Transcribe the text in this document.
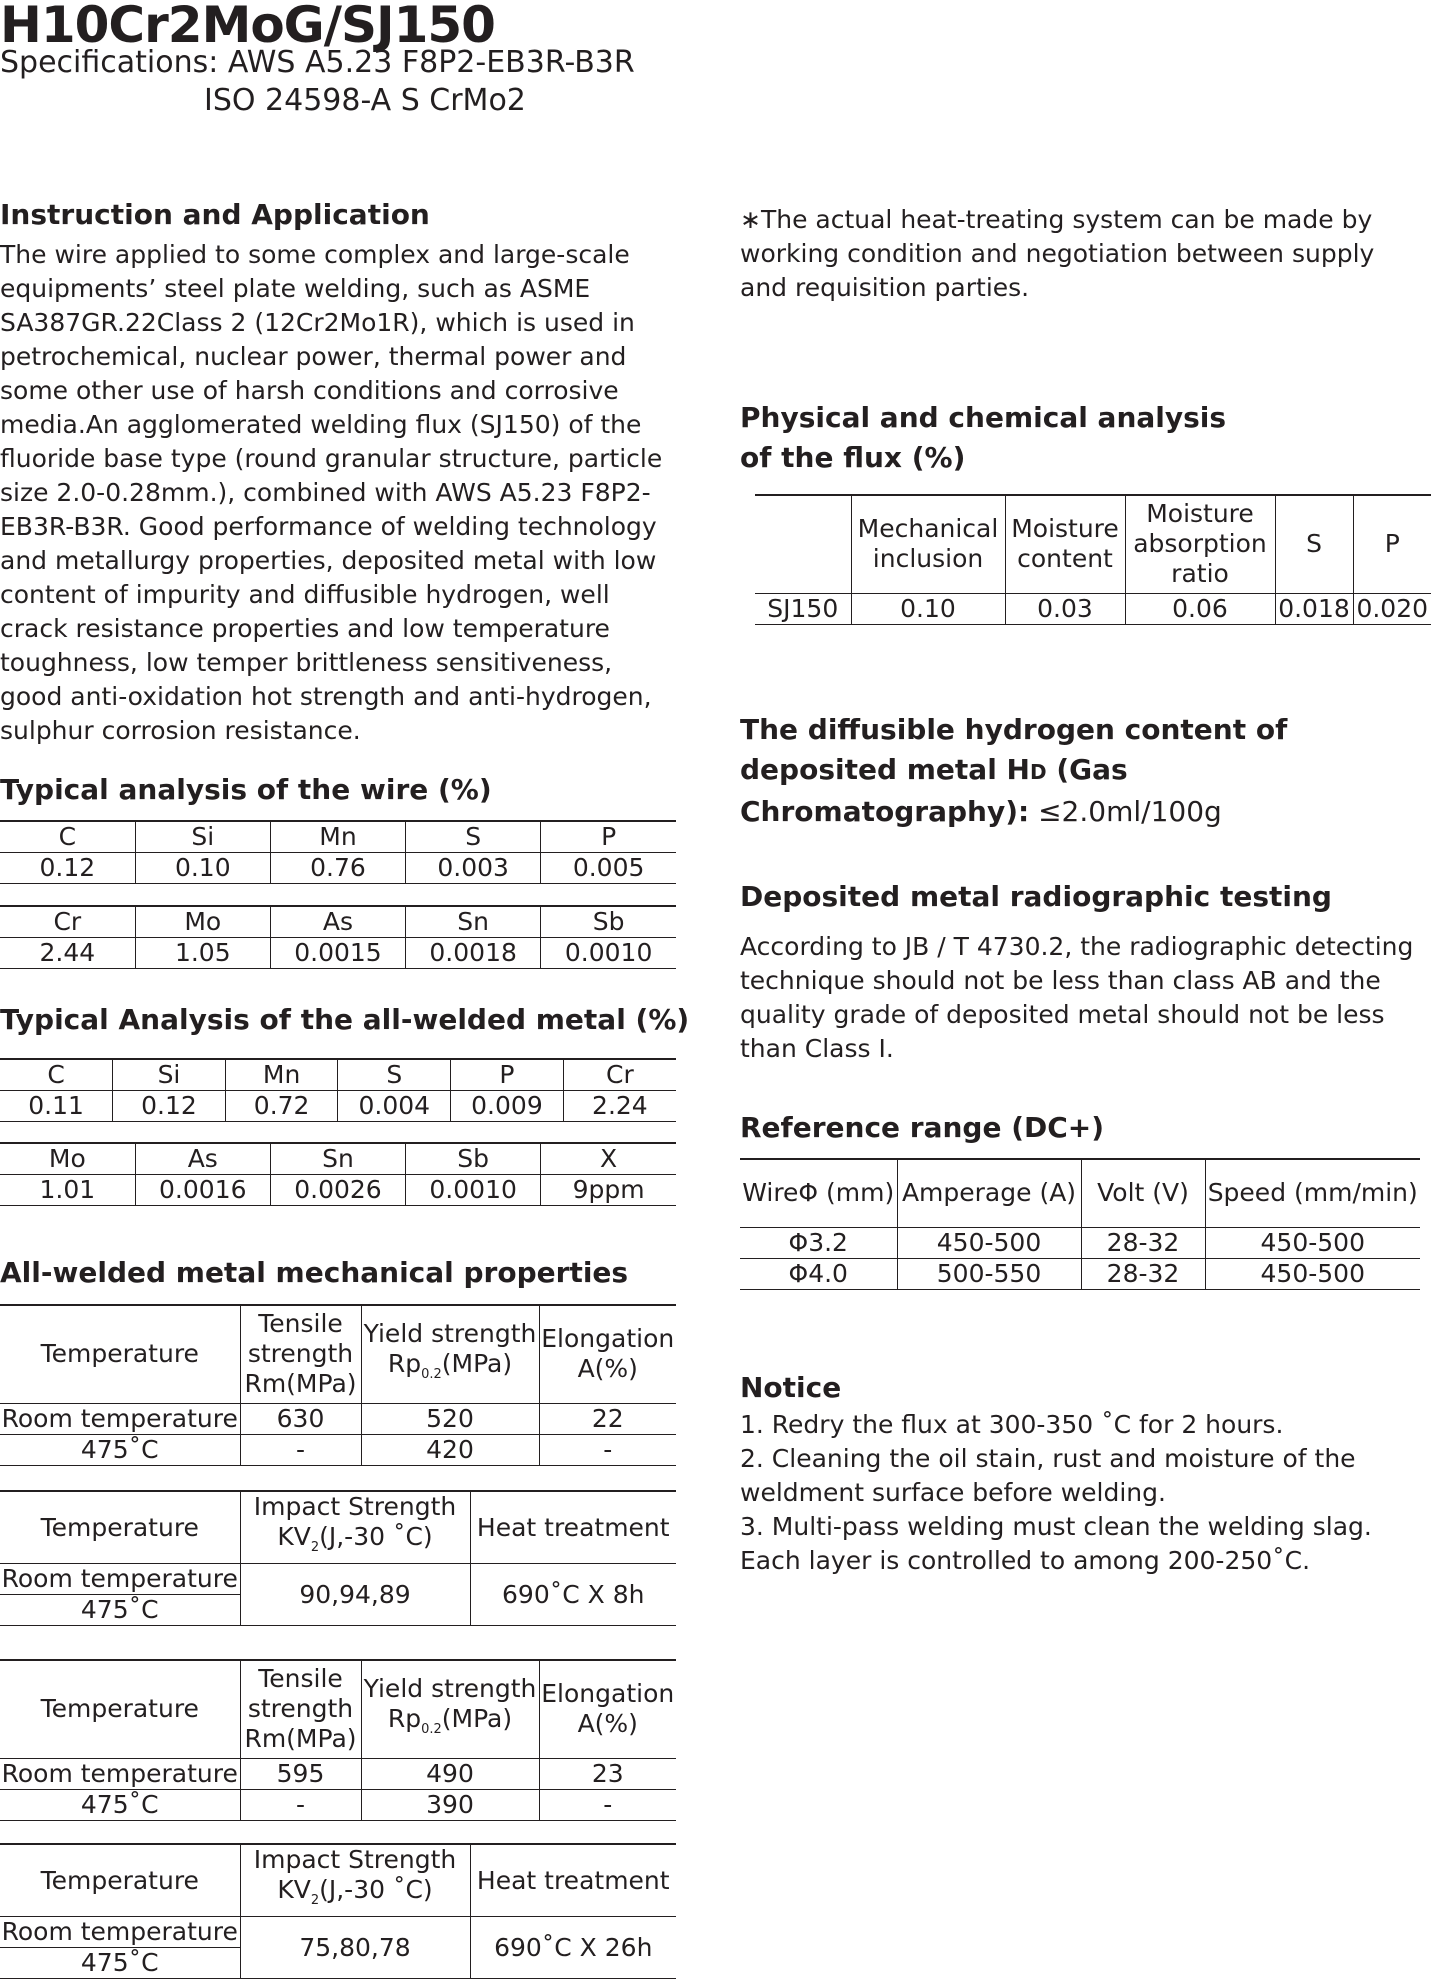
H10Cr2MoG/SJ150
Specifications: AWS A5.23 F8P2-EB3R-B3R
ISO 24598-A S CrMo2
Instruction and Application
The wire applied to some complex and large-scale equipments’ steel plate welding, such as ASME SA387GR.22Class 2 (12Cr2Mo1R), which is used in petrochemical, nuclear power, thermal power and some other use of harsh conditions and corrosive media.An agglomerated welding flux (SJ150) of the fluoride base type (round granular structure, particle size 2.0-0.28mm.), combined with AWS A5.23 F8P2-EB3R-B3R. Good performance of welding technology and metallurgy properties, deposited metal with low content of impurity and diffusible hydrogen, well crack resistance properties and low temperature toughness, low temper brittleness sensitiveness, good anti-oxidation hot strength and anti-hydrogen, sulphur corrosion resistance.
Typical analysis of the wire (%)
C	Si	Mn	S	P
0.12	0.10	0.76	0.003	0.005
Cr	Mo	As	Sn	Sb
2.44	1.05	0.0015	0.0018	0.0010
Typical Analysis of the all-welded metal (%)
C	Si	Mn	S	P	Cr
0.11	0.12	0.72	0.004	0.009	2.24
Mo	As	Sn	Sb	X
1.01	0.0016	0.0026	0.0010	9ppm
All-welded metal mechanical properties
Temperature	Tensile strength Rm(MPa)	Yield strength $Rp_{0.2}(MPa)$	Elongation A(%)
Room temperature	630	520	22
475˚C	-	420	-
Temperature	Impact Strength $KV_2(J,-30$ ˚C)	Heat treatment
Room temperature	90,94,89	690˚C X 8h
475˚C		
Temperature	Tensile strength Rm(MPa)	Yield strength $Rp_{0.2}(MPa)$	Elongation A(%)
Room temperature	595	490	23
475˚C	-	390	-
Temperature	Impact Strength $KV_2(J,-30$ ˚C)	Heat treatment
Room temperature	75,80,78	690˚C X 26h
475˚C		
∗The actual heat-treating system can be made by working condition and negotiation between supply and requisition parties.
Physical and chemical analysis
of the flux (%)
	Mechanical inclusion	Moisture content	Moisture absorption ratio	S	P
SJ150	0.10	0.03	0.06	0.018	0.020
The diffusible hydrogen content of deposited metal HD (Gas Chromatography): ≤2.0ml/100g
Deposited metal radiographic testing
According to JB / T 4730.2, the radiographic detecting technique should not be less than class AB and the quality grade of deposited metal should not be less than Class I.
Reference range (DC+)
WireΦ (mm)	Amperage (A)	Volt (V)	Speed (mm/min)
Φ3.2	450-500	28-32	450-500
Φ4.0	500-550	28-32	450-500
Notice
1. Redry the flux at 300-350 ˚C for 2 hours.
2. Cleaning the oil stain, rust and moisture of the weldment surface before welding.
3. Multi-pass welding must clean the welding slag. Each layer is controlled to among 200-250˚C.
